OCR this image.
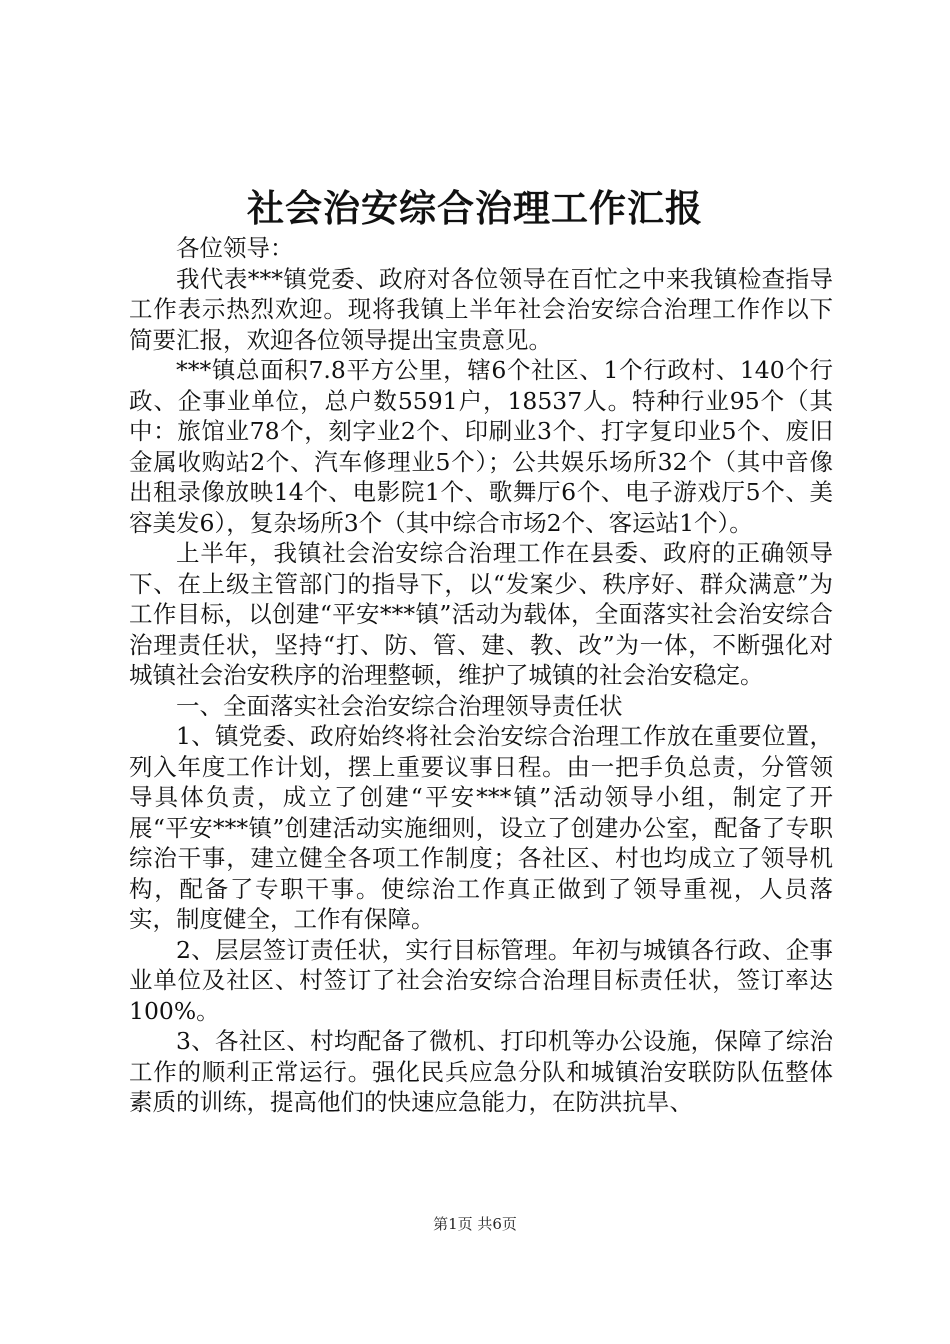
社会治安综合治理工作汇报

各位领导：

我代表***镇党委、政府对各位领导在百忙之中来我镇检查指导工作表示热烈欢迎。现将我镇上半年社会治安综合治理工作作以下简要汇报，欢迎各位领导提出宝贵意见。

***镇总面积7.8平方公里，辖6个社区、1个行政村、140个行政、企事业单位，总户数5591户，18537人。特种行业95个（其中：旅馆业78个，刻字业2个、印刷业3个、打字复印业5个、废旧金属收购站2个、汽车修理业5个）；公共娱乐场所32个（其中音像出租录像放映14个、电影院1个、歌舞厅6个、电子游戏厅5个、美容美发6），复杂场所3个（其中综合市场2个、客运站1个）。

上半年，我镇社会治安综合治理工作在县委、政府的正确领导下、在上级主管部门的指导下，以“发案少、秩序好、群众满意”为工作目标，以创建“平安***镇”活动为载体，全面落实社会治安综合治理责任状，坚持“打、防、管、建、教、改”为一体，不断强化对城镇社会治安秩序的治理整顿，维护了城镇的社会治安稳定。

一、全面落实社会治安综合治理领导责任状

1、镇党委、政府始终将社会治安综合治理工作放在重要位置，列入年度工作计划，摆上重要议事日程。由一把手负总责，分管领导具体负责，成立了创建“平安***镇”活动领导小组，制定了开展“平安***镇”创建活动实施细则，设立了创建办公室，配备了专职综治干事，建立健全各项工作制度；各社区、村也均成立了领导机构，配备了专职干事。使综治工作真正做到了领导重视，人员落实，制度健全，工作有保障。

2、层层签订责任状，实行目标管理。年初与城镇各行政、企事业单位及社区、村签订了社会治安综合治理目标责任状，签订率达100%。

3、各社区、村均配备了微机、打印机等办公设施，保障了综治工作的顺利正常运行。强化民兵应急分队和城镇治安联防队伍整体素质的训练，提高他们的快速应急能力，在防洪抗旱、

第1页 共6页
